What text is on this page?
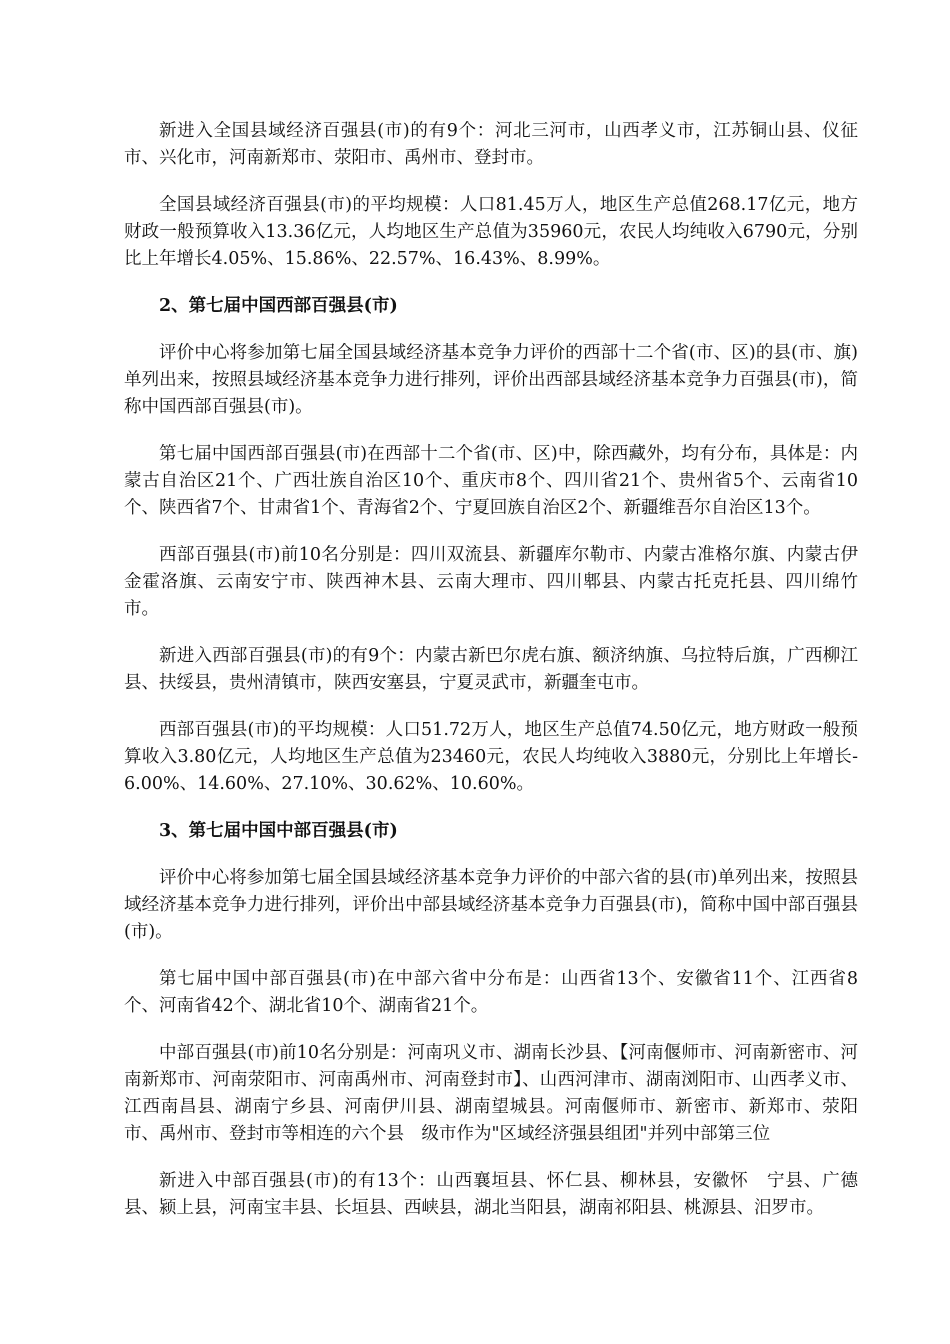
新进入全国县域经济百强县(市)的有9个：河北三河市，山西孝义市，江苏铜山县、仪征市、兴化市，河南新郑市、荥阳市、禹州市、登封市。

全国县域经济百强县(市)的平均规模：人口81.45万人，地区生产总值268.17亿元，地方财政一般预算收入13.36亿元，人均地区生产总值为35960元，农民人均纯收入6790元，分别比上年增长4.05%、15.86%、22.57%、16.43%、8.99%。

2、第七届中国西部百强县(市)

评价中心将参加第七届全国县域经济基本竞争力评价的西部十二个省(市、区)的县(市、旗)单列出来，按照县域经济基本竞争力进行排列，评价出西部县域经济基本竞争力百强县(市)，简称中国西部百强县(市)。

第七届中国西部百强县(市)在西部十二个省(市、区)中，除西藏外，均有分布，具体是：内蒙古自治区21个、广西壮族自治区10个、重庆市8个、四川省21个、贵州省5个、云南省10个、陕西省7个、甘肃省1个、青海省2个、宁夏回族自治区2个、新疆维吾尔自治区13个。

西部百强县(市)前10名分别是：四川双流县、新疆库尔勒市、内蒙古准格尔旗、内蒙古伊金霍洛旗、云南安宁市、陕西神木县、云南大理市、四川郫县、内蒙古托克托县、四川绵竹市。

新进入西部百强县(市)的有9个：内蒙古新巴尔虎右旗、额济纳旗、乌拉特后旗，广西柳江县、扶绥县，贵州清镇市，陕西安塞县，宁夏灵武市，新疆奎屯市。

西部百强县(市)的平均规模：人口51.72万人，地区生产总值74.50亿元，地方财政一般预算收入3.80亿元，人均地区生产总值为23460元，农民人均纯收入3880元，分别比上年增长-6.00%、14.60%、27.10%、30.62%、10.60%。

3、第七届中国中部百强县(市)

评价中心将参加第七届全国县域经济基本竞争力评价的中部六省的县(市)单列出来，按照县域经济基本竞争力进行排列，评价出中部县域经济基本竞争力百强县(市)，简称中国中部百强县(市)。

第七届中国中部百强县(市)在中部六省中分布是：山西省13个、安徽省11个、江西省8个、河南省42个、湖北省10个、湖南省21个。

中部百强县(市)前10名分别是：河南巩义市、湖南长沙县、【河南偃师市、河南新密市、河南新郑市、河南荥阳市、河南禹州市、河南登封市】、山西河津市、湖南浏阳市、山西孝义市、江西南昌县、湖南宁乡县、河南伊川县、湖南望城县。河南偃师市、新密市、新郑市、荥阳市、禹州市、登封市等相连的六个县　级市作为"区域经济强县组团"并列中部第三位

新进入中部百强县(市)的有13个：山西襄垣县、怀仁县、柳林县，安徽怀　宁县、广德县、颍上县，河南宝丰县、长垣县、西峡县，湖北当阳县，湖南祁阳县、桃源县、汨罗市。
